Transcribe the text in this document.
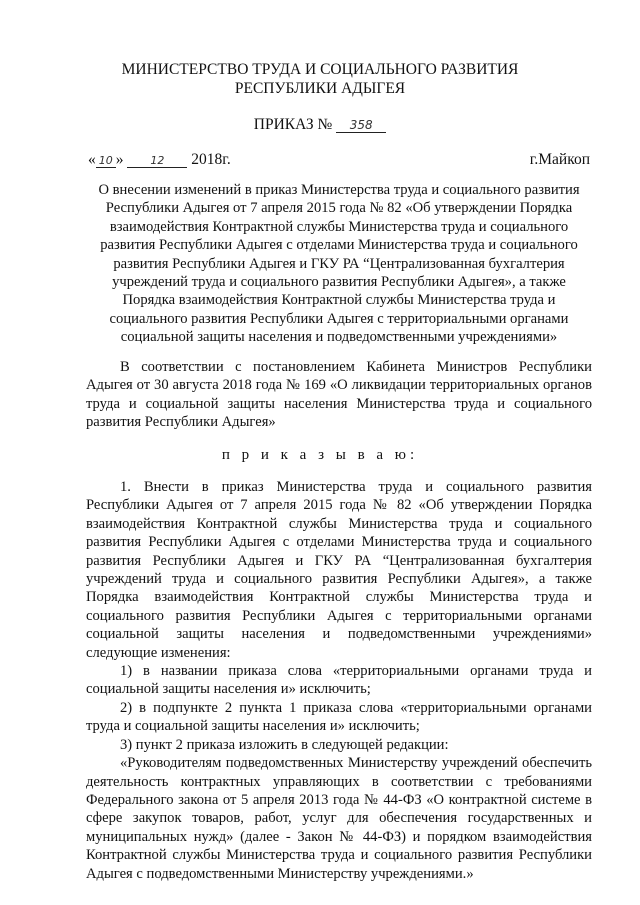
МИНИСТЕРСТВО ТРУДА И СОЦИАЛЬНОГО РАЗВИТИЯ
РЕСПУБЛИКИ АДЫГЕЯ
ПРИКАЗ № 358
« 10 » 12 2018г.	г.Майкоп
О внесении изменений в приказ Министерства труда и социального развития Республики Адыгея от 7 апреля 2015 года № 82 «Об утверждении Порядка взаимодействия Контрактной службы Министерства труда и социального развития Республики Адыгея с отделами Министерства труда и социального развития Республики Адыгея и ГКУ РА “Централизованная бухгалтерия учреждений труда и социального развития Республики Адыгея», а также Порядка взаимодействия Контрактной службы Министерства труда и социального развития Республики Адыгея с территориальными органами социальной защиты населения и подведомственными учреждениями»
В соответствии с постановлением Кабинета Министров Республики Адыгея от 30 августа 2018 года № 169 «О ликвидации территориальных органов труда и социальной защиты населения Министерства труда и социального развития Республики Адыгея»
п р и к а з ы в а ю:

1. Внести в приказ Министерства труда и социального развития Республики Адыгея от 7 апреля 2015 года № 82 «Об утверждении Порядка взаимодействия Контрактной службы Министерства труда и социального развития Республики Адыгея с отделами Министерства труда и социального развития Республики Адыгея и ГКУ РА “Централизованная бухгалтерия учреждений труда и социального развития Республики Адыгея», а также Порядка взаимодействия Контрактной службы Министерства труда и социального развития Республики Адыгея с территориальными органами социальной защиты населения и подведомственными учреждениями» следующие изменения:

1) в названии приказа слова «территориальными органами труда и социальной защиты населения и» исключить;

2) в подпункте 2 пункта 1 приказа слова «территориальными органами труда и социальной защиты населения и» исключить;

3) пункт 2 приказа изложить в следующей редакции:

«Руководителям подведомственных Министерству учреждений обеспечить деятельность контрактных управляющих в соответствии с требованиями Федерального закона от 5 апреля 2013 года № 44-ФЗ «О контрактной системе в сфере закупок товаров, работ, услуг для обеспечения государственных и муниципальных нужд» (далее - Закон № 44-ФЗ) и порядком взаимодействия Контрактной службы Министерства труда и социального развития Республики Адыгея с подведомственными Министерству учреждениями.»
